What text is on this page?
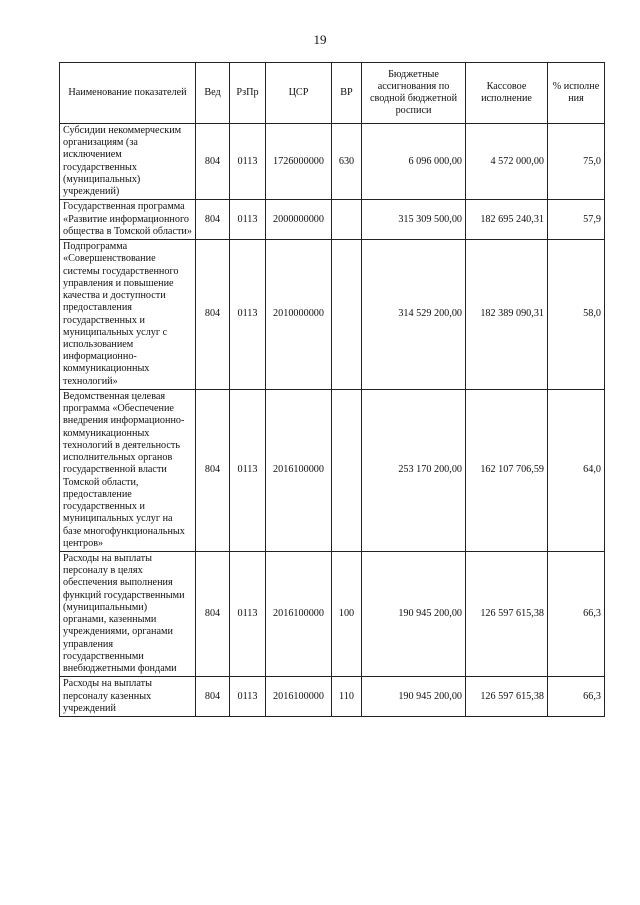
19
Наименование показателей	Вед	РзПр	ЦСР	ВР	Бюджетные ассигнования по сводной бюджетной росписи	Кассовое исполнение	% исполне ния
Субсидии некоммерческим организациям (за исключением государственных (муниципальных) учреждений)	804	0113	1726000000	630	6 096 000,00	4 572 000,00	75,0
Государственная программа «Развитие информационного общества в Томской области»	804	0113	2000000000		315 309 500,00	182 695 240,31	57,9
Подпрограмма «Совершенствование системы государственного управления и повышение качества и доступности предоставления государственных и муниципальных услуг с использованием информационно-коммуникационных технологий»	804	0113	2010000000		314 529 200,00	182 389 090,31	58,0
Ведомственная целевая программа «Обеспечение внедрения информационно-коммуникационных технологий в деятельность исполнительных органов государственной власти Томской области, предоставление государственных и муниципальных услуг на базе многофункциональных центров»	804	0113	2016100000		253 170 200,00	162 107 706,59	64,0
Расходы на выплаты персоналу в целях обеспечения выполнения функций государственными (муниципальными) органами, казенными учреждениями, органами управления государственными внебюджетными фондами	804	0113	2016100000	100	190 945 200,00	126 597 615,38	66,3
Расходы на выплаты персоналу казенных учреждений	804	0113	2016100000	110	190 945 200,00	126 597 615,38	66,3
